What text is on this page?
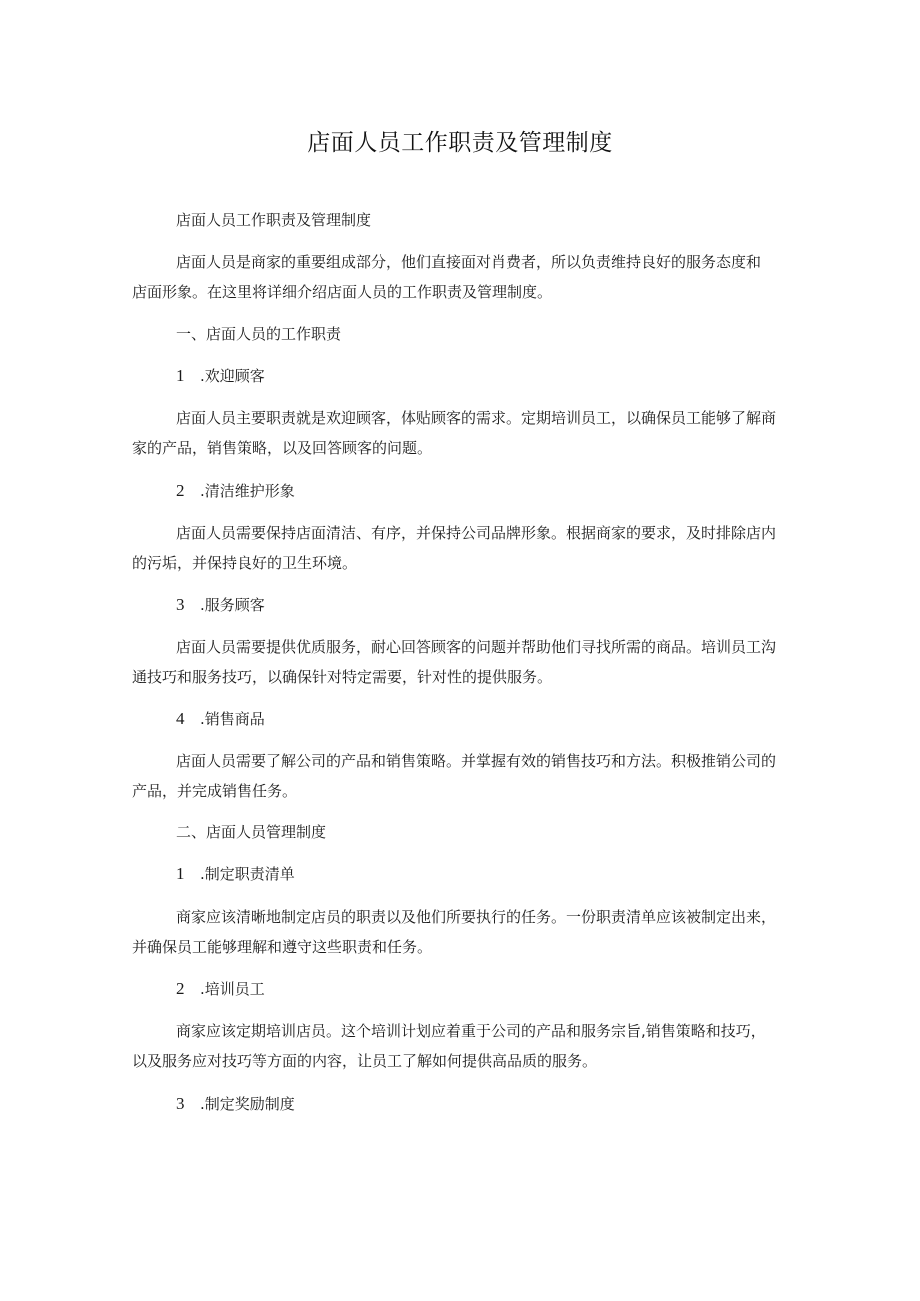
店面人员工作职责及管理制度
店面人员工作职责及管理制度
店面人员是商家的重要组成部分，他们直接面对肖费者，所以负责维持良好的服务态度和
店面形象。在这里将详细介绍店面人员的工作职责及管理制度。
一、店面人员的工作职责
1 .欢迎顾客
店面人员主要职责就是欢迎顾客，体贴顾客的需求。定期培训员工，以确保员工能够了解商
家的产品，销售策略，以及回答顾客的问题。
2 .清洁维护形象
店面人员需要保持店面清洁、有序，并保持公司品牌形象。根据商家的要求，及时排除店内
的污垢，并保持良好的卫生环境。
3 .服务顾客
店面人员需要提供优质服务，耐心回答顾客的问题并帮助他们寻找所需的商品。培训员工沟
通技巧和服务技巧，以确保针对特定需要，针对性的提供服务。
4 .销售商品
店面人员需要了解公司的产品和销售策略。并掌握有效的销售技巧和方法。积极推销公司的
产品，并完成销售任务。
二、店面人员管理制度
1 .制定职责清单
商家应该清晰地制定店员的职责以及他们所要执行的任务。一份职责清单应该被制定出来，
并确保员工能够理解和遵守这些职责和任务。
2 .培训员工
商家应该定期培训店员。这个培训计划应着重于公司的产品和服务宗旨,销售策略和技巧，
以及服务应对技巧等方面的内容，让员工了解如何提供高品质的服务。
3 .制定奖励制度
